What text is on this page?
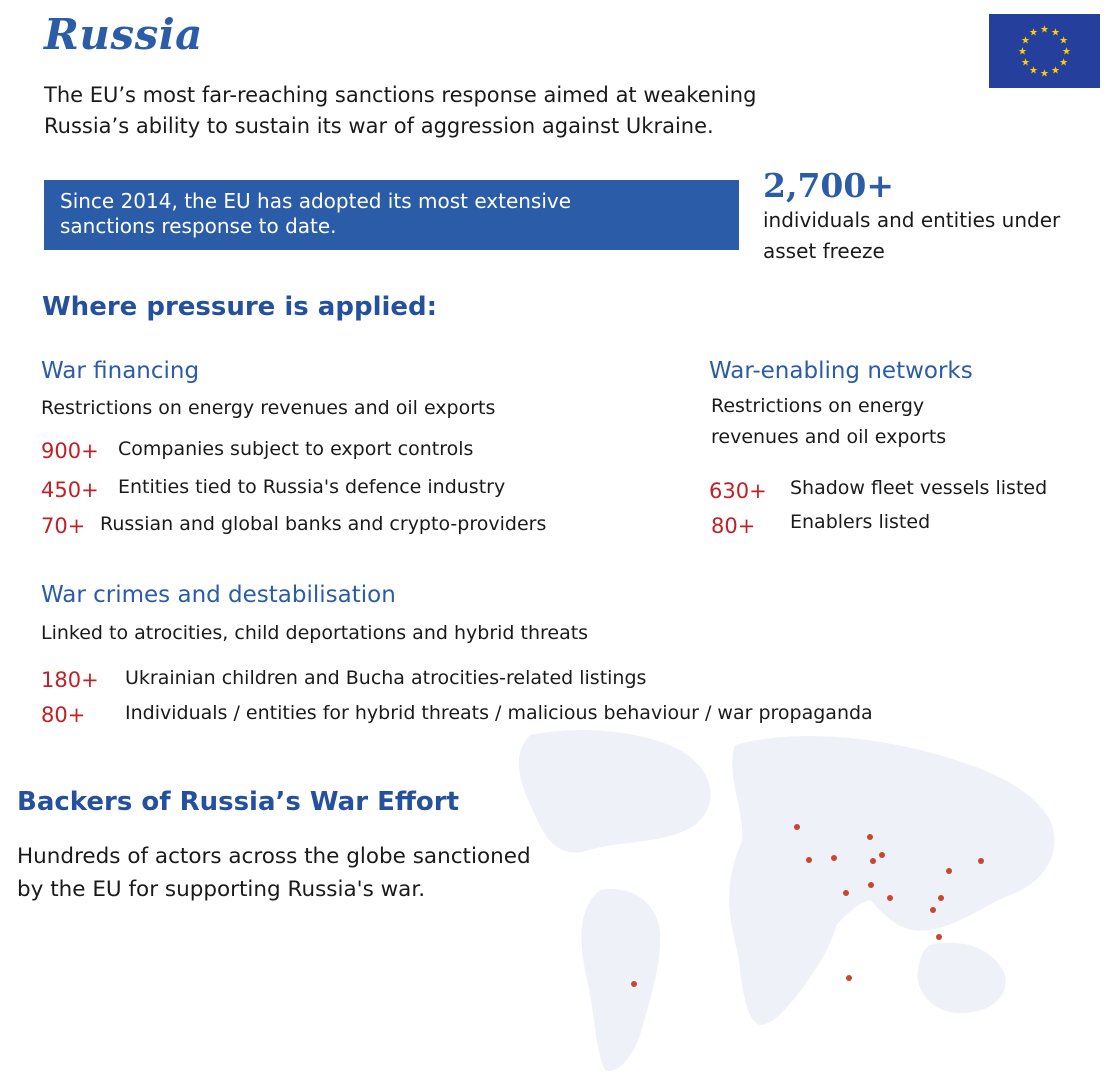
Russia	★ ★
★
★
★
★
★
★
★
★
★
★
The EU’s most far-reaching sanctions response aimed at weakening
Russia’s ability to sustain its war of aggression against Ukraine.
Since 2014, the EU has adopted its most extensive
sanctions response to date.
2,700+
individuals and entities under
asset freeze
Where pressure is applied:
War financing
Restrictions on energy revenues and oil exports
900+ Companies subject to export controls
450+ Entities tied to Russia's defence industry
70+ Russian and global banks and crypto-providers
War-enabling networks
Restrictions on energy
revenues and oil exports
630+ Shadow fleet vessels listed
80+ Enablers listed
War crimes and destabilisation
Linked to atrocities, child deportations and hybrid threats
180+ Ukrainian children and Bucha atrocities-related listings
80+ Individuals / entities for hybrid threats / malicious behaviour / war propaganda
Backers of Russia’s War Effort
Hundreds of actors across the globe sanctioned
by the EU for supporting Russia's war.
